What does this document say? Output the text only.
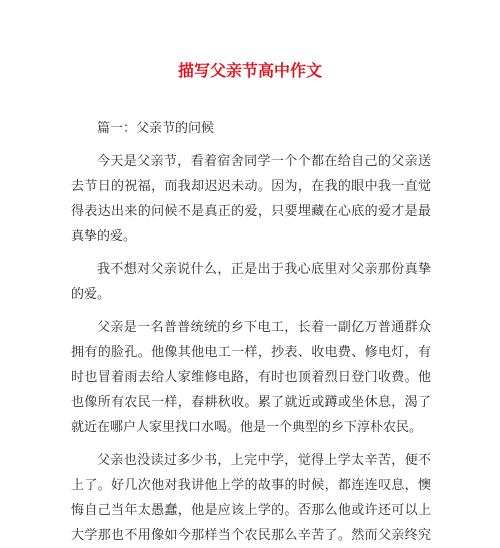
描写父亲节高中作文
篇一：父亲节的问候
今天是父亲节，看着宿舍同学一个个都在给自己的父亲送
去节日的祝福，而我却迟迟未动。因为，在我的眼中我一直觉
得表达出来的问候不是真正的爱，只要埋藏在心底的爱才是最
真挚的爱。
我不想对父亲说什么，正是出于我心底里对父亲那份真挚
的爱。
父亲是一名普普统统的乡下电工，长着一副亿万普通群众
拥有的脸孔。他像其他电工一样，抄表、收电费、修电灯，有
时也冒着雨去给人家维修电路，有时也顶着烈日登门收费。他
也像所有农民一样，春耕秋收。累了就近或蹲或坐休息，渴了
就近在哪户人家里找口水喝。他是一个典型的乡下淳朴农民。
父亲也没读过多少书，上完中学，觉得上学太辛苦，便不
上了。好几次他对我讲他上学的故事的时候，都连连叹息，懊
悔自己当年太愚蠢，他是应该上学的。否那么他或许还可以上
大学那也不用像如今那样当个农民那么辛苦了。然而父亲终究
